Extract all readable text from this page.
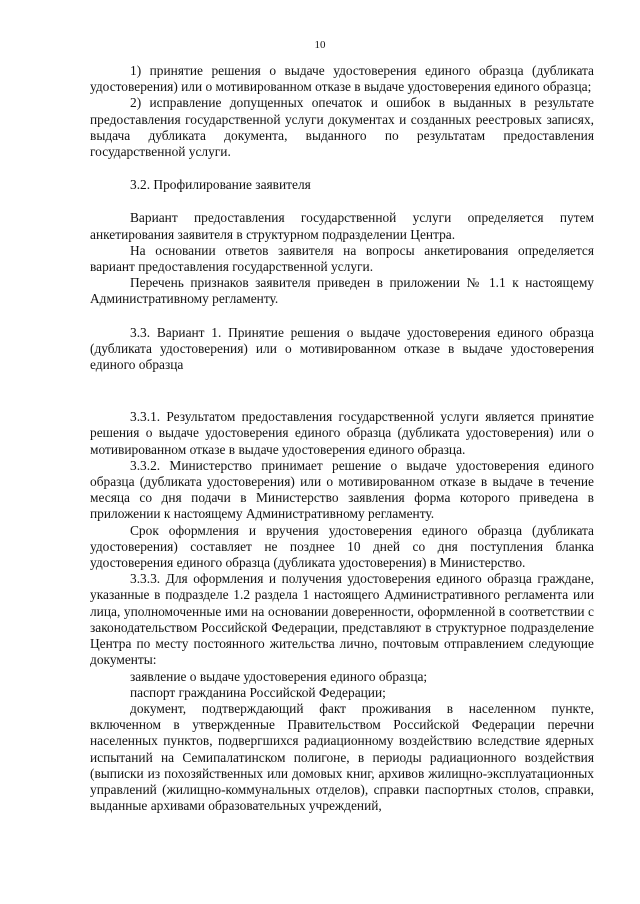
10

1) принятие решения о выдаче удостоверения единого образца (дубликата удостоверения) или о мотивированном отказе в выдаче удостоверения единого образца;

2) исправление допущенных опечаток и ошибок в выданных в результате предоставления государственной услуги документах и созданных реестровых записях, выдача дубликата документа, выданного по результатам предоставления государственной услуги.

3.2. Профилирование заявителя

Вариант предоставления государственной услуги определяется путем анкетирования заявителя в структурном подразделении Центра.

На основании ответов заявителя на вопросы анкетирования определяется вариант предоставления государственной услуги.

Перечень признаков заявителя приведен в приложении № 1.1 к настоящему Административному регламенту.

3.3. Вариант 1. Принятие решения о выдаче удостоверения единого образца (дубликата удостоверения) или о мотивированном отказе в выдаче удостоверения единого образца

3.3.1. Результатом предоставления государственной услуги является принятие решения о выдаче удостоверения единого образца (дубликата удостоверения) или о мотивированном отказе в выдаче удостоверения единого образца.

3.3.2. Министерство принимает решение о выдаче удостоверения единого образца (дубликата удостоверения) или о мотивированном отказе в выдаче в течение месяца со дня подачи в Министерство заявления форма которого приведена в приложении к настоящему Административному регламенту.

Срок оформления и вручения удостоверения единого образца (дубликата удостоверения) составляет не позднее 10 дней со дня поступления бланка удостоверения единого образца (дубликата удостоверения) в Министерство.

3.3.3. Для оформления и получения удостоверения единого образца граждане, указанные в подразделе 1.2 раздела 1 настоящего Административного регламента или лица, уполномоченные ими на основании доверенности, оформленной в соответствии с законодательством Российской Федерации, представляют в структурное подразделение Центра по месту постоянного жительства лично, почтовым отправлением следующие документы:

заявление о выдаче удостоверения единого образца;

паспорт гражданина Российской Федерации;

документ, подтверждающий факт проживания в населенном пункте, включенном в утвержденные Правительством Российской Федерации перечни населенных пунктов, подвергшихся радиационному воздействию вследствие ядерных испытаний на Семипалатинском полигоне, в периоды радиационного воздействия (выписки из похозяйственных или домовых книг, архивов жилищно-эксплуатационных управлений (жилищно-коммунальных отделов), справки паспортных столов, справки, выданные архивами образовательных учреждений,
